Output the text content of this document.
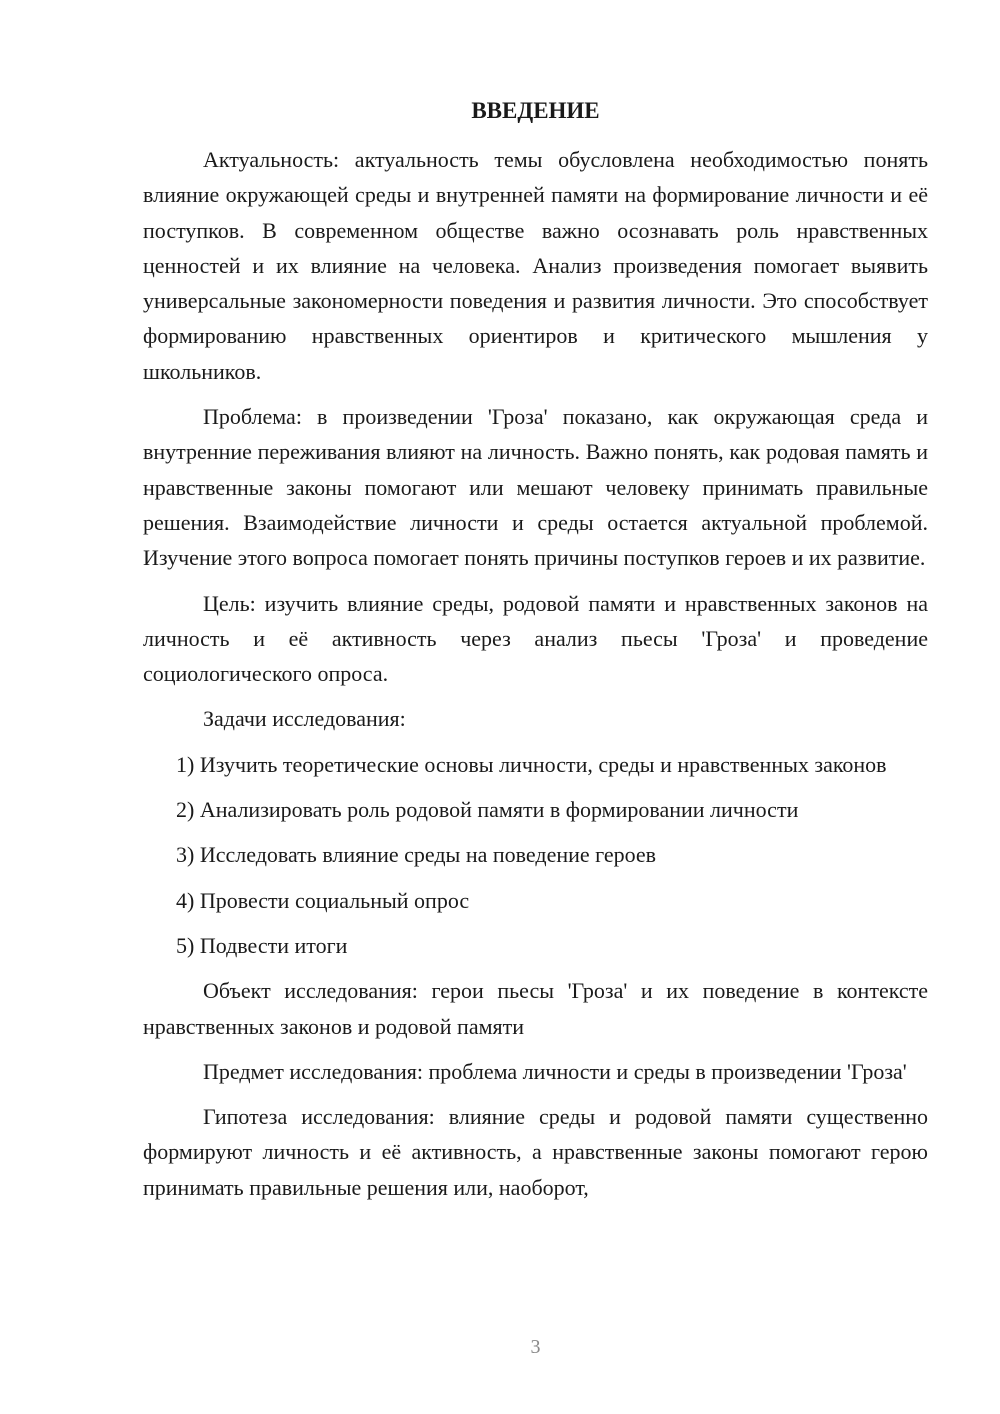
ВВЕДЕНИЕ

Актуальность: актуальность темы обусловлена необходимостью понять влияние окружающей среды и внутренней памяти на формирование личности и её поступков. В современном обществе важно осознавать роль нравственных ценностей и их влияние на человека. Анализ произведения помогает выявить универсальные закономерности поведения и развития личности. Это способствует формированию нравственных ориентиров и критического мышления у школьников.

Проблема: в произведении 'Гроза' показано, как окружающая среда и внутренние переживания влияют на личность. Важно понять, как родовая память и нравственные законы помогают или мешают человеку принимать правильные решения. Взаимодействие личности и среды остается актуальной проблемой. Изучение этого вопроса помогает понять причины поступков героев и их развитие.

Цель: изучить влияние среды, родовой памяти и нравственных законов на личность и её активность через анализ пьесы 'Гроза' и проведение социологического опроса.

Задачи исследования:

1) Изучить теоретические основы личности, среды и нравственных законов

2) Анализировать роль родовой памяти в формировании личности

3) Исследовать влияние среды на поведение героев

4) Провести социальный опрос

5) Подвести итоги

Объект исследования: герои пьесы 'Гроза' и их поведение в контексте нравственных законов и родовой памяти

Предмет исследования: проблема личности и среды в произведении 'Гроза'

Гипотеза исследования: влияние среды и родовой памяти существенно формируют личность и её активность, а нравственные законы помогают герою принимать правильные решения или, наоборот,

3
